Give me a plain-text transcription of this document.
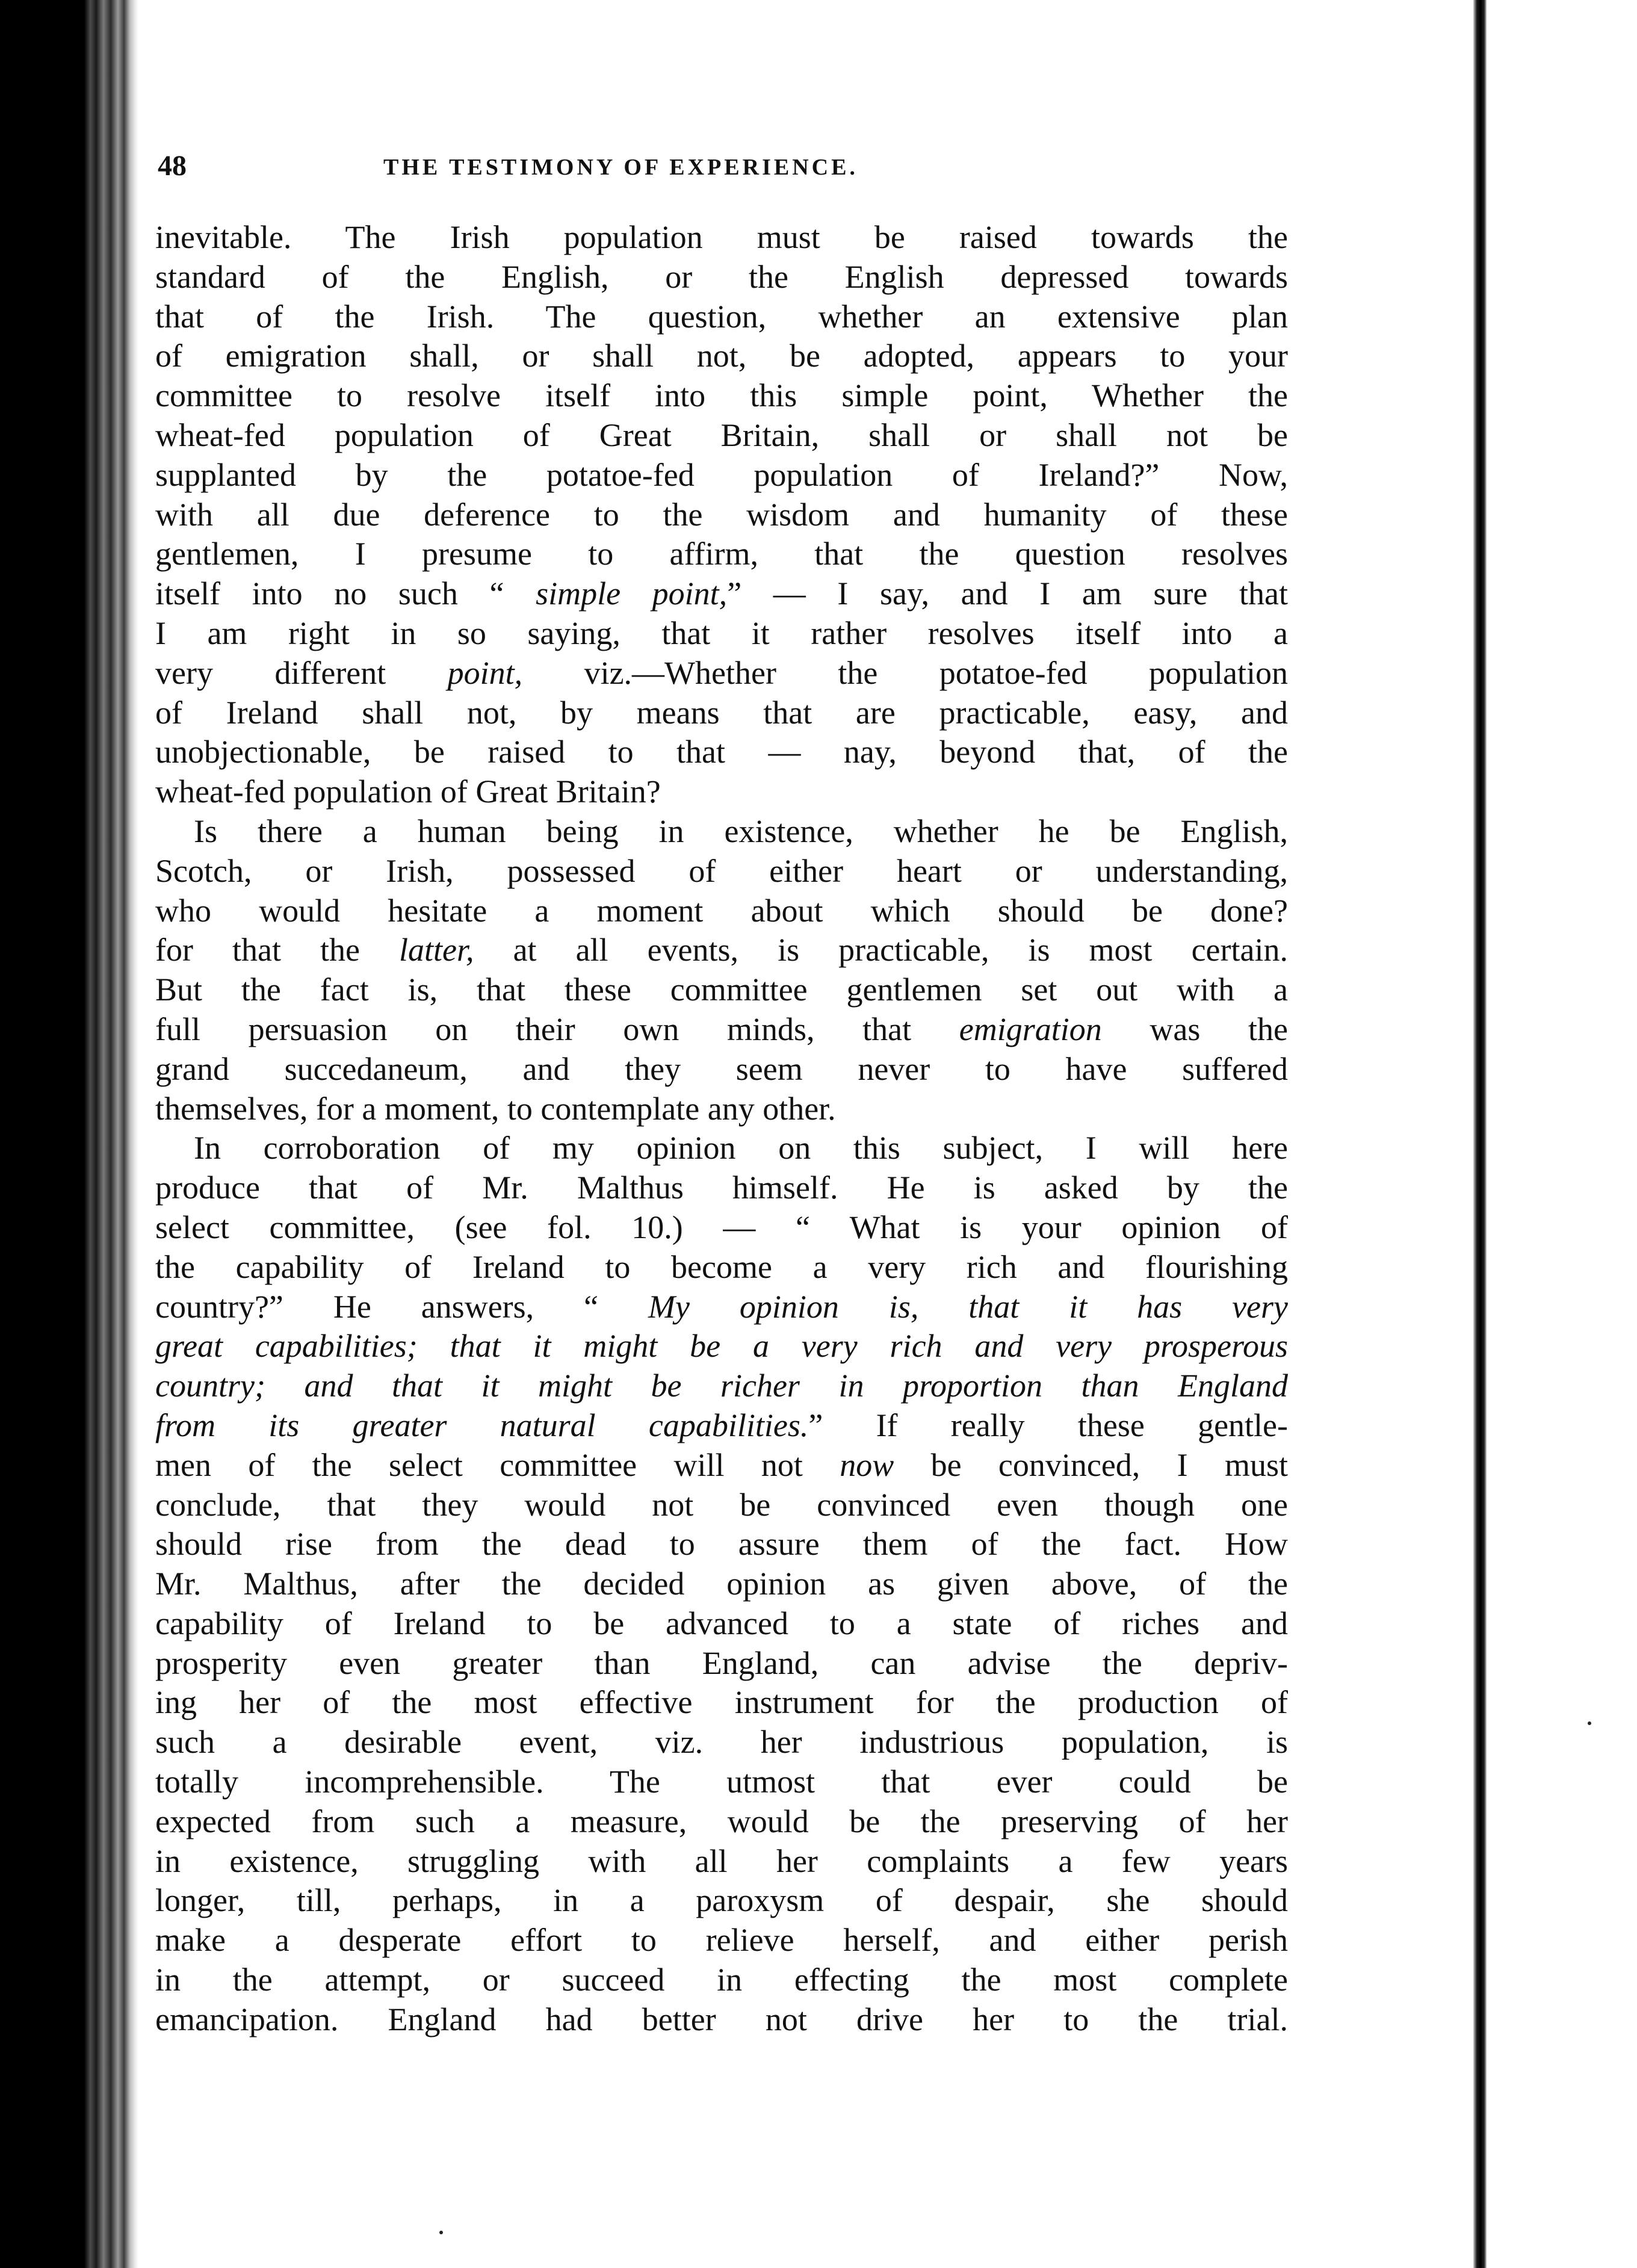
48	THE TESTIMONY OF EXPERIENCE.
inevitable. The Irish population must be raised towards the
standard of the English, or the English depressed towards
that of the Irish. The question, whether an extensive plan
of emigration shall, or shall not, be adopted, appears to your
committee to resolve itself into this simple point, Whether the
wheat-fed population of Great Britain, shall or shall not be
supplanted by the potatoe-fed population of Ireland?” Now,
with all due deference to the wisdom and humanity of these
gentlemen, I presume to affirm, that the question resolves
itself into no such “ simple point,” — I say, and I am sure that
I am right in so saying, that it rather resolves itself into a
very different point, viz.—Whether the potatoe-fed population
of Ireland shall not, by means that are practicable, easy, and
unobjectionable, be raised to that — nay, beyond that, of the
wheat-fed population of Great Britain?
Is there a human being in existence, whether he be English,
Scotch, or Irish, possessed of either heart or understanding,
who would hesitate a moment about which should be done?
for that the latter, at all events, is practicable, is most certain.
But the fact is, that these committee gentlemen set out with a
full persuasion on their own minds, that emigration was the
grand succedaneum, and they seem never to have suffered
themselves, for a moment, to contemplate any other.
In corroboration of my opinion on this subject, I will here
produce that of Mr. Malthus himself. He is asked by the
select committee, (see fol. 10.) — “ What is your opinion of
the capability of Ireland to become a very rich and flourishing
country?” He answers, “ My opinion is, that it has very
great capabilities; that it might be a very rich and very prosperous
country; and that it might be richer in proportion than England
from its greater natural capabilities.” If really these gentle-
men of the select committee will not now be convinced, I must
conclude, that they would not be convinced even though one
should rise from the dead to assure them of the fact. How
Mr. Malthus, after the decided opinion as given above, of the
capability of Ireland to be advanced to a state of riches and
prosperity even greater than England, can advise the depriv-
ing her of the most effective instrument for the production of
such a desirable event, viz. her industrious population, is
totally incomprehensible. The utmost that ever could be
expected from such a measure, would be the preserving of her
in existence, struggling with all her complaints a few years
longer, till, perhaps, in a paroxysm of despair, she should
make a desperate effort to relieve herself, and either perish
in the attempt, or succeed in effecting the most complete
emancipation. England had better not drive her to the trial.
